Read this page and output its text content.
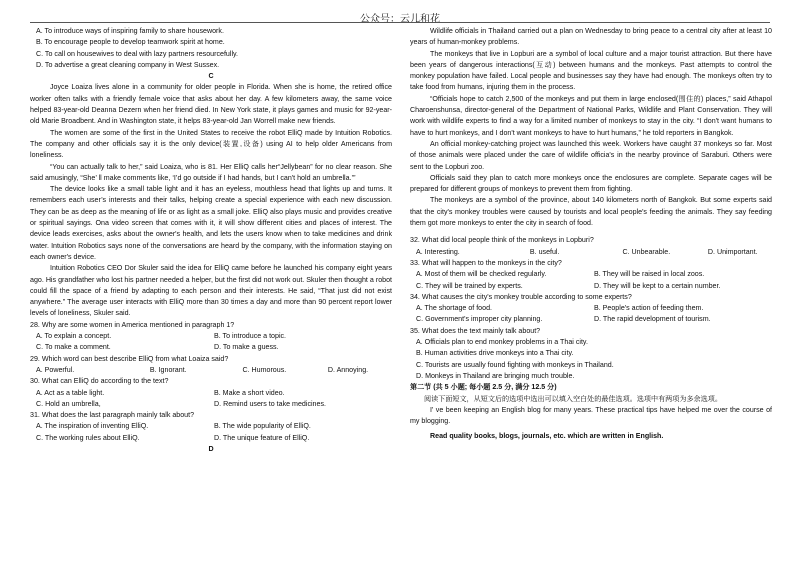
公众号：云儿和花
A. To introduce ways of inspiring family to share housework.
B. To encourage people to develop teamwork spirit at home.
C. To call on housewives to deal with lazy partners resourcefully.
D. To advertise a great cleaning company in West Sussex.
C
Joyce Loaiza lives alone in a community for older people in Florida. When she is home, the retired office worker often talks with a friendly female voice that asks about her day. A few kilometers away, the same voice helped 83-year-old Deanna Dezern when her friend died. In New York state, it plays games and music for 92-year-old Marie Broadbent. And in Washington state, it helps 83-year-old Jan Worrell make new friends.
The women are some of the first in the United States to receive the robot ElliQ made by Intuition Robotics. The company and other officials say it is the only device(装置,设备) using AI to help older Americans from loneliness.
“You can actually talk to her,” said Loaiza, who is 81. Her ElliQ calls her“Jellybean” for no clear reason. She said amusingly, “She’ ll make comments like, ‘I’d go outside if I had hands, but I can't hold an umbrella.’”
The device looks like a small table light and it has an eyeless, mouthless head that lights up and turns. It remembers each user’s interests and their talks, helping create a special experience with each new discussion. They can be as deep as the meaning of life or as light as a small joke. ElliQ also plays music and provides creative or spiritual sayings. Ona video screen that comes with it, it will show different cities and places of interest. The device leads exercises, asks about the owner's health, and lets the users know when to take medicines and drink water. Intuition Robotics says none of the conversations are heard by the company, with the information staying on each owner's device.
Intuition Robotics CEO Dor Skuler said the idea for ElliQ came before he launched his company eight years ago. His grandfather who lost his partner needed a helper, but the first did not work out. Skuler then thought a robot could fill the space of a friend by adapting to each person and their interests. He said, “That just did not exist anywhere.” The average user interacts with ElliQ more than 30 times a day and more than 90 percent report lower levels of loneliness, Skuler said.
28. Why are some women in America mentioned in paragraph 1?
A. To explain a concept.	B. To introduce a topic.
C. To make a comment.	D. To make a guess.
29. Which word can best describe ElliQ from what Loaiza said?
A. Powerful.	B. Ignorant.	C. Humorous.	D. Annoying.
30. What can ElliQ do according to the text?
A. Act as a table light.	B. Make a short video.
C. Hold an umbrella,	D. Remind users to take medicines.
31. What does the last paragraph mainly talk about?
A. The inspiration of inventing ElliQ.	B. The wide popularity of ElliQ.
C. The working rules about ElliQ.	D. The unique feature of ElliQ.
D
Wildlife officials in Thailand carried out a plan on Wednesday to bring peace to a central city after at least 10 years of human-monkey problems.
The monkeys that live in Lopburi are a symbol of local culture and a major tourist attraction. But there have been years of dangerous interactions(互动) between humans and the monkeys. Past attempts to control the monkey population have failed. Local people and businesses say they have had enough. The monkeys often try to take food from humans, injuring them in the process.
“Officials hope to catch 2,500 of the monkeys and put them in large enclosed(围住的) places,” said Athapol Charoenshunsa, director-general of the Department of National Parks, Wildlife and Plant Conservation. They will work with wildlife experts to find a way for a limited number of monkeys to stay in the city. “I don't want humans to have to hurt monkeys, and I don't want monkeys to have to hurt humans,” he told reporters in Bangkok.
An official monkey-catching project was launched this week. Workers have caught 37 monkeys so far. Most of those animals were placed under the care of wildlife officia's in the nearby province of Saraburi. Others were sent to the Lopburi zoo.
Officials said they plan to catch more monkeys once the enclosures are complete. Separate cages will be prepared for different groups of monkeys to prevent them from fighting.
The monkeys are a symbol of the province, about 140 kilometers north of Bangkok. But some experts said that the city's monkey troubles were caused by tourists and local people's feeding the animals. They say feeding them got more monkeys to enter the city in search of food.
32. What did local people think of the monkeys in Lopburi?
A. Interesting.	B. useful.	C. Unbearable.	D. Unimportant.
33. What will happen to the monkeys in the city?
A. Most of them will be checked regularly.	B. They will be raised in local zoos.
C. They will be trained by experts.	D. They will be kept to a certain number.
34. What causes the city's monkey trouble according to some experts?
A. The shortage of food.	B. People's action of feeding them.
C. Government's improper city planning.	D. The rapid development of tourism.
35. What does the text mainly talk about?
A. Officials plan to end monkey problems in a Thai city.
B. Human activities drive monkeys into a Thai city.
C. Tourists are usually found fighting with monkeys in Thailand.
D. Monkeys in Thailand are bringing much trouble.
第二节 (共 5 小题; 每小题 2.5 分, 满分 12.5 分)
阅读下面短文，从短文后的选项中选出可以填入空白处的最佳选项。选项中有两项为多余选项。
I' ve been keeping an English blog for many years. These practical tips have helped me over the course of my blogging.
Read quality books, blogs, journals, etc. which are written in English.
